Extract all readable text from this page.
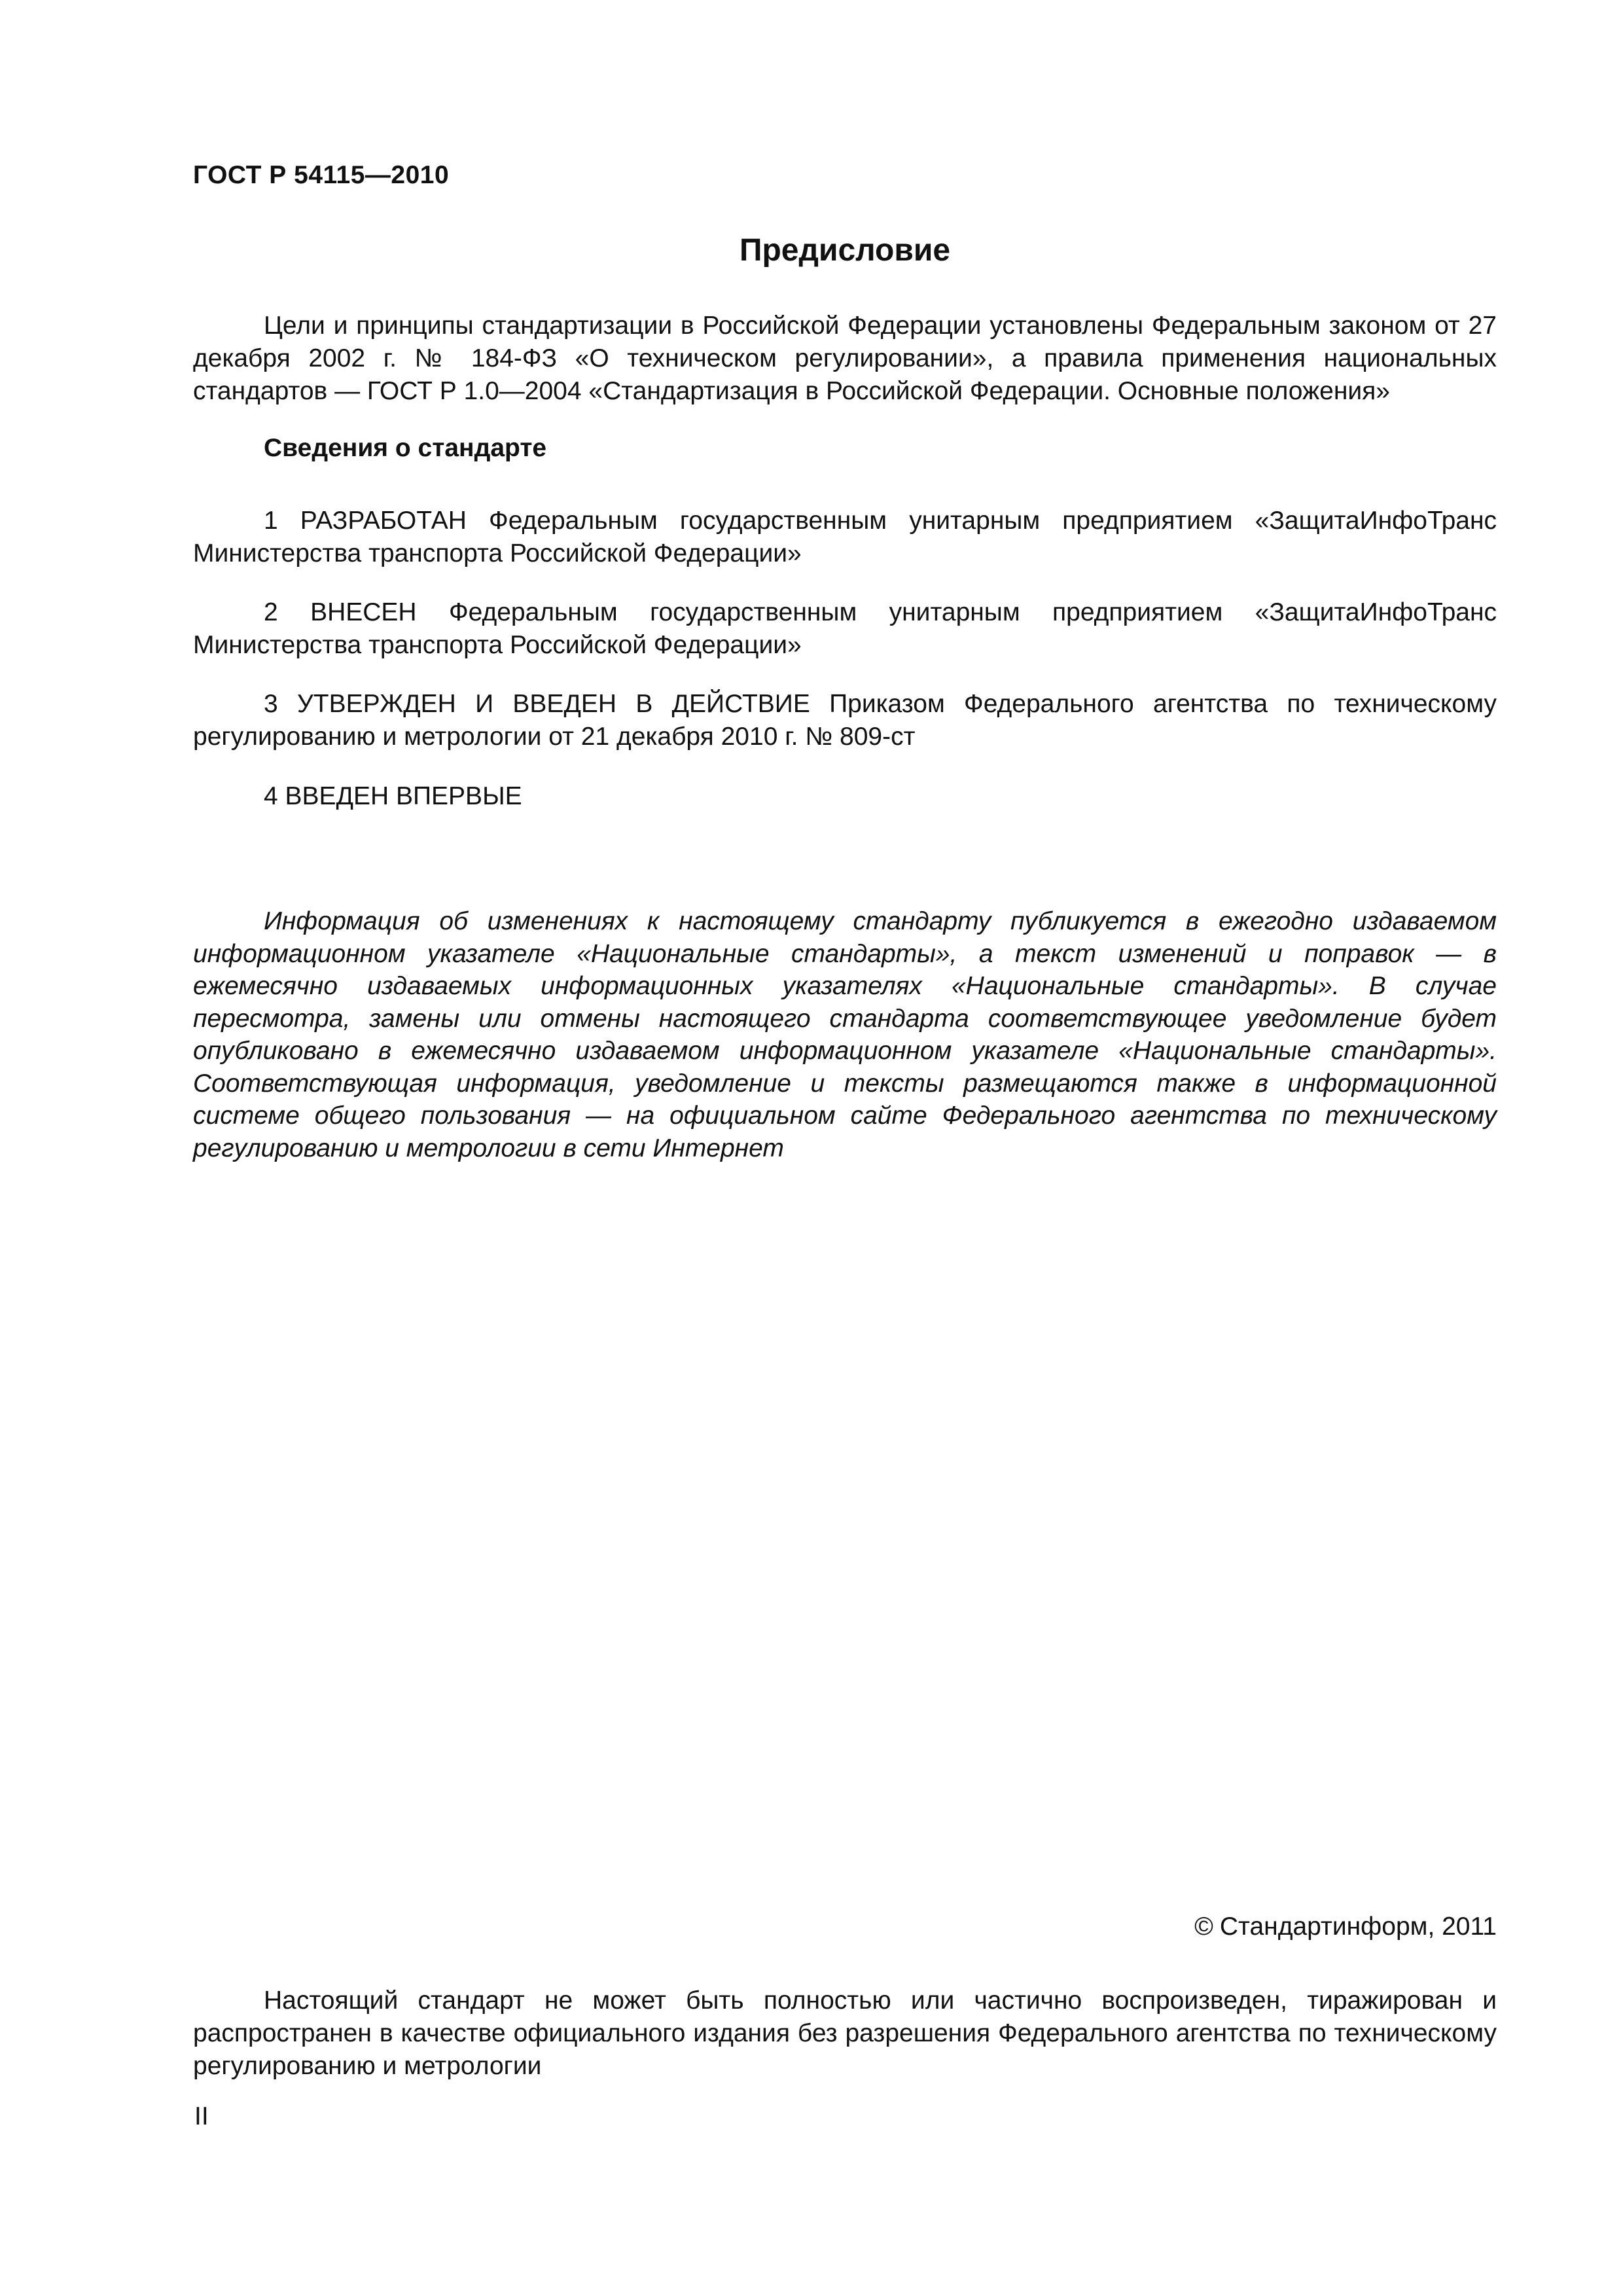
ГОСТ Р 54115—2010

Предисловие

Цели и принципы стандартизации в Российской Федерации установлены Федеральным законом от 27 декабря 2002 г. № 184-ФЗ «О техническом регулировании», а правила применения национальных стандартов — ГОСТ Р 1.0—2004 «Стандартизация в Российской Федерации. Основные положения»

Сведения о стандарте

1 РАЗРАБОТАН Федеральным государственным унитарным предприятием «ЗащитаИнфоТранс Министерства транспорта Российской Федерации»

2 ВНЕСЕН Федеральным государственным унитарным предприятием «ЗащитаИнфоТранс Министерства транспорта Российской Федерации»

3 УТВЕРЖДЕН И ВВЕДЕН В ДЕЙСТВИЕ Приказом Федерального агентства по техническому регулированию и метрологии от 21 декабря 2010 г. № 809-ст

4 ВВЕДЕН ВПЕРВЫЕ

Информация об изменениях к настоящему стандарту публикуется в ежегодно издаваемом информационном указателе «Национальные стандарты», а текст изменений и поправок — в ежемесячно издаваемых информационных указателях «Национальные стандарты». В случае пересмотра, замены или отмены настоящего стандарта соответствующее уведомление будет опубликовано в ежемесячно издаваемом информационном указателе «Национальные стандарты». Соответствующая информация, уведомление и тексты размещаются также в информационной системе общего пользования — на официальном сайте Федерального агентства по техническому регулированию и метрологии в сети Интернет

© Стандартинформ, 2011

Настоящий стандарт не может быть полностью или частично воспроизведен, тиражирован и распространен в качестве официального издания без разрешения Федерального агентства по техническому регулированию и метрологии

II
